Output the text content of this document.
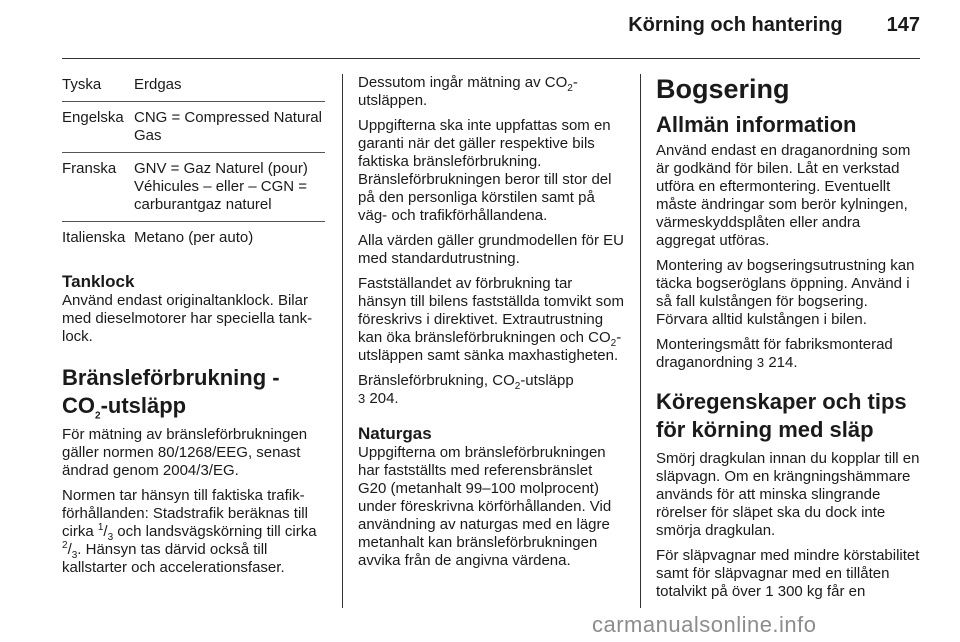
Körning och hantering 147
Tyska	Erdgas
Engelska	CNG = Compressed Natural Gas
Franska	GNV = Gaz Naturel (pour) Véhicules – eller – CGN = carburantgaz naturel
Italienska	Metano (per auto)
Tanklock

Använd endast originaltanklock. Bilar med dieselmotorer har speciella tanklock.

Bränsleförbrukning - $CO_2$-utsläpp

För mätning av bränsleförbrukningen gäller normen 80/1268/EEG, senast ändrad genom 2004/3/EG.

Normen tar hänsyn till faktiska trafikförhållanden: Stadstrafik beräknas till cirka $^1/_3$ och landsvägskörning till cirka $^2/_3$. Hänsyn tas därvid också till kallstarter och accelerationsfaser.

Dessutom ingår mätning av $CO_2$-utsläppen.

Uppgifterna ska inte uppfattas som en garanti när det gäller respektive bils faktiska bränsleförbrukning. Bränsleförbrukningen beror till stor del på den personliga körstilen samt på väg- och trafikförhållandena.

Alla värden gäller grundmodellen för EU med standardutrustning.

Fastställandet av förbrukning tar hänsyn till bilens fastställda tomvikt som föreskrivs i direktivet. Extrautrustning kan öka bränsleförbrukningen och $CO_2$-utsläppen samt sänka maxhastigheten.

Bränsleförbrukning, $CO_2$-utsläpp
3 204.

Naturgas

Uppgifterna om bränsleförbrukningen har fastställts med referensbränslet G20 (metanhalt 99–100 molprocent) under föreskrivna körförhållanden. Vid användning av naturgas med en lägre metanhalt kan bränsleförbrukningen avvika från de angivna värdena.

Bogsering
Allmän information

Använd endast en draganordning som är godkänd för bilen. Låt en verkstad utföra en eftermontering. Eventuellt måste ändringar som berör kylningen, värmeskyddsplåten eller andra aggregat utföras.

Montering av bogseringsutrustning kan täcka bogseröglans öppning. Använd i så fall kulstången för bogsering. Förvara alltid kulstången i bilen.

Monteringsmått för fabriksmonterad draganordning 3 214.

Köregenskaper och tips för körning med släp

Smörj dragkulan innan du kopplar till en släpvagn. Om en krängningshämmare används för att minska slingrande rörelser för släpet ska du dock inte smörja dragkulan.

För släpvagnar med mindre körstabilitet samt för släpvagnar med en tillåten totalvikt på över 1 300 kg får en

carmanualsonline.info
